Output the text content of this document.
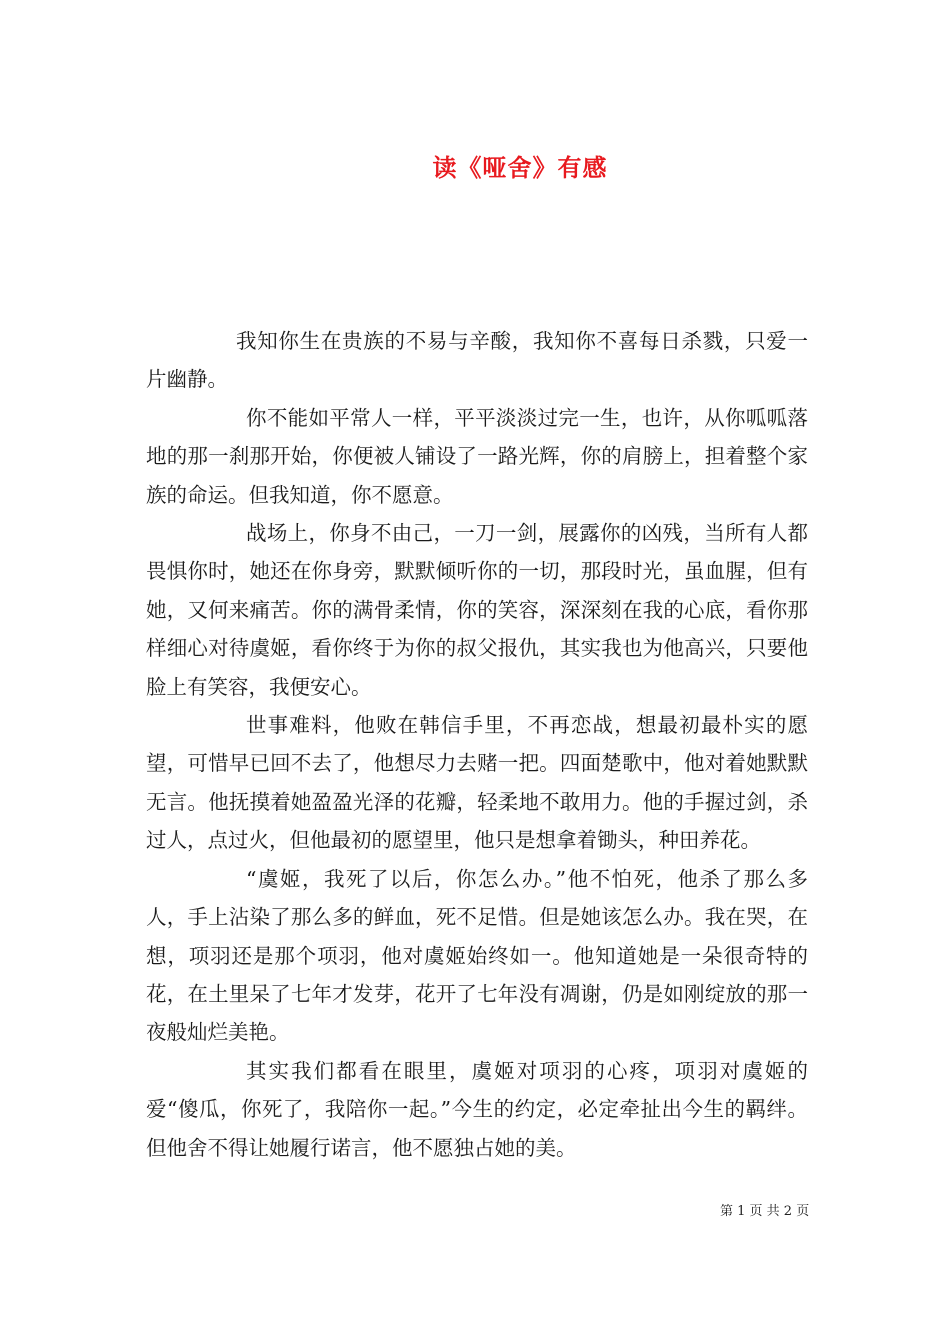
读《哑舍》有感

我知你生在贵族的不易与辛酸，我知你不喜每日杀戮，只爱一片幽静。

你不能如平常人一样，平平淡淡过完一生，也许，从你呱呱落地的那一刹那开始，你便被人铺设了一路光辉，你的肩膀上，担着整个家族的命运。但我知道，你不愿意。

战场上，你身不由己，一刀一剑，展露你的凶残，当所有人都畏惧你时，她还在你身旁，默默倾听你的一切，那段时光，虽血腥，但有她，又何来痛苦。你的满骨柔情，你的笑容，深深刻在我的心底，看你那样细心对待虞姬，看你终于为你的叔父报仇，其实我也为他高兴，只要他脸上有笑容，我便安心。

世事难料，他败在韩信手里，不再恋战，想最初最朴实的愿望，可惜早已回不去了，他想尽力去赌一把。四面楚歌中，他对着她默默无言。他抚摸着她盈盈光泽的花瓣，轻柔地不敢用力。他的手握过剑，杀过人，点过火，但他最初的愿望里，他只是想拿着锄头，种田养花。

“虞姬，我死了以后，你怎么办。”他不怕死，他杀了那么多人，手上沾染了那么多的鲜血，死不足惜。但是她该怎么办。我在哭，在想，项羽还是那个项羽，他对虞姬始终如一。他知道她是一朵很奇特的花，在土里呆了七年才发芽，花开了七年没有凋谢，仍是如刚绽放的那一夜般灿烂美艳。

其实我们都看在眼里，虞姬对项羽的心疼，项羽对虞姬的爱“傻瓜，你死了，我陪你一起。”今生的约定，必定牵扯出今生的羁绊。但他舍不得让她履行诺言，他不愿独占她的美。

第 1 页 共 2 页
